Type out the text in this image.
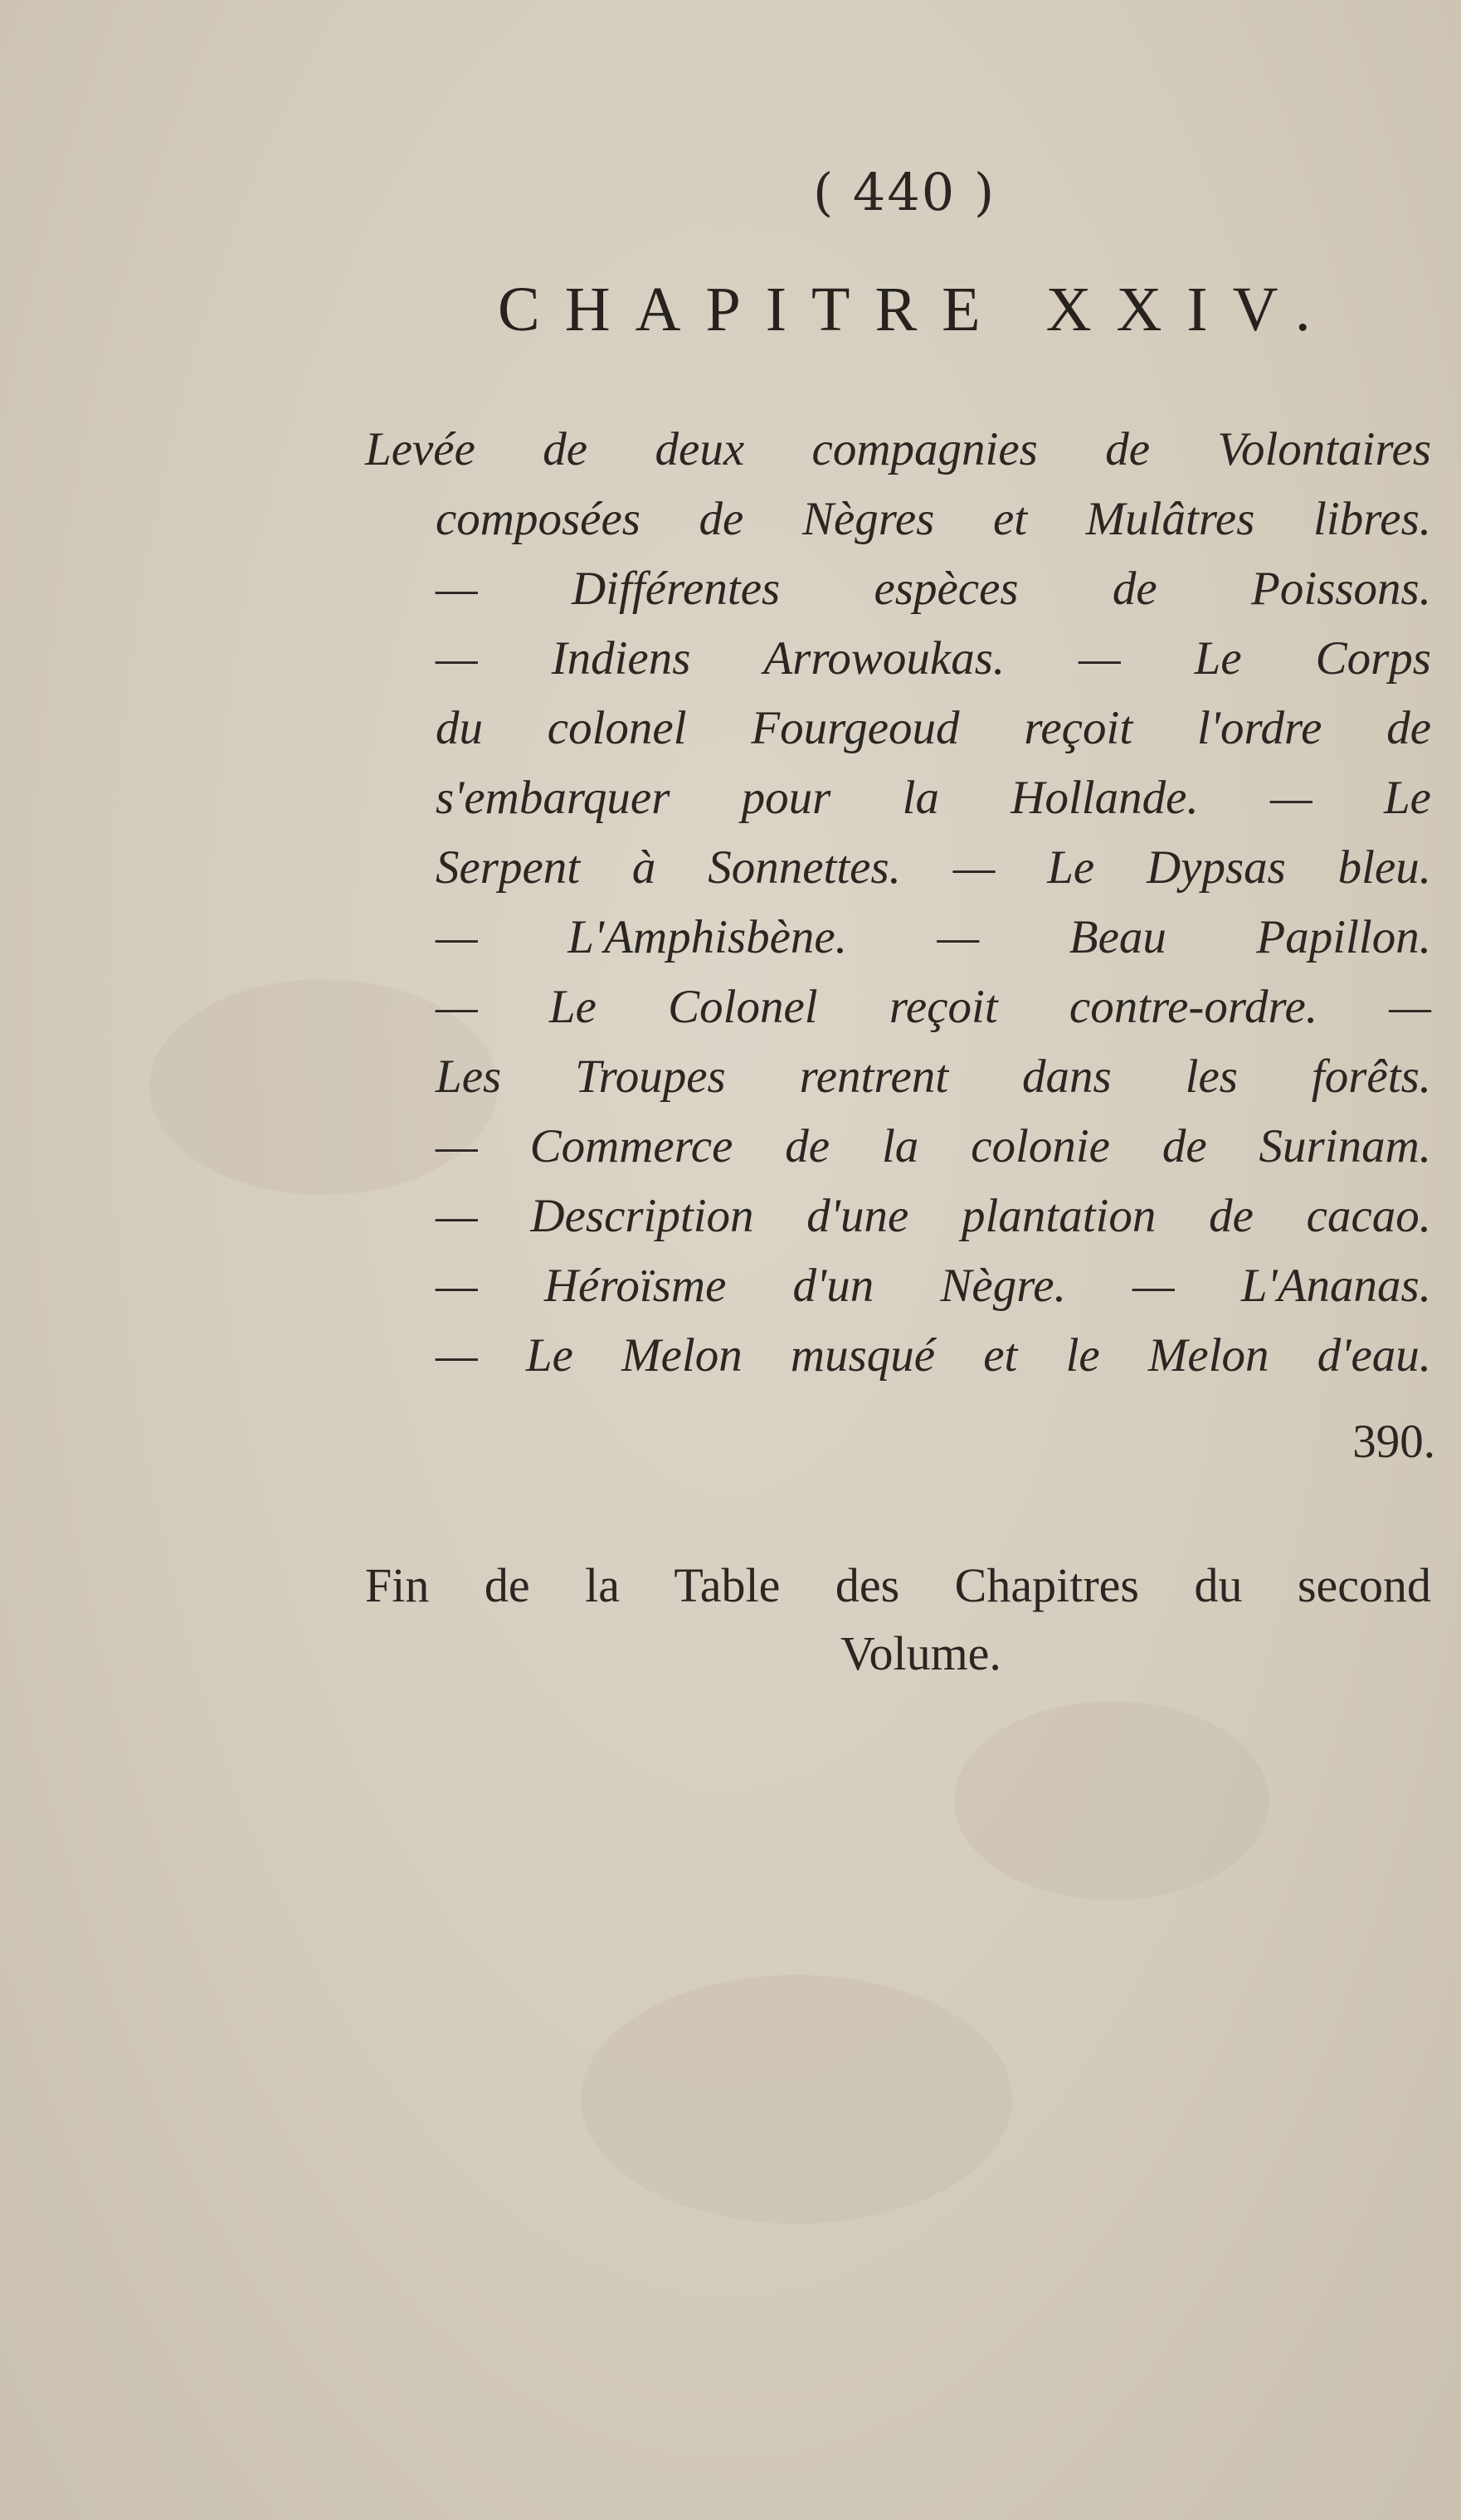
( 440 )
CHAPITRE XXIV.
Levée de deux compagnies de Volontaires
composées de Nègres et Mulâtres libres.
— Différentes espèces de Poissons.
— Indiens Arrowoukas. — Le Corps
du colonel Fourgeoud reçoit l'ordre de
s'embarquer pour la Hollande. — Le
Serpent à Sonnettes. — Le Dypsas bleu.
— L'Amphisbène. — Beau Papillon.
— Le Colonel reçoit contre-ordre. —
Les Troupes rentrent dans les forêts.
— Commerce de la colonie de Surinam.
— Description d'une plantation de cacao.
— Héroïsme d'un Nègre. — L'Ananas.
— Le Melon musqué et le Melon d'eau.
390.
Fin de la Table des Chapitres du second
Volume.
